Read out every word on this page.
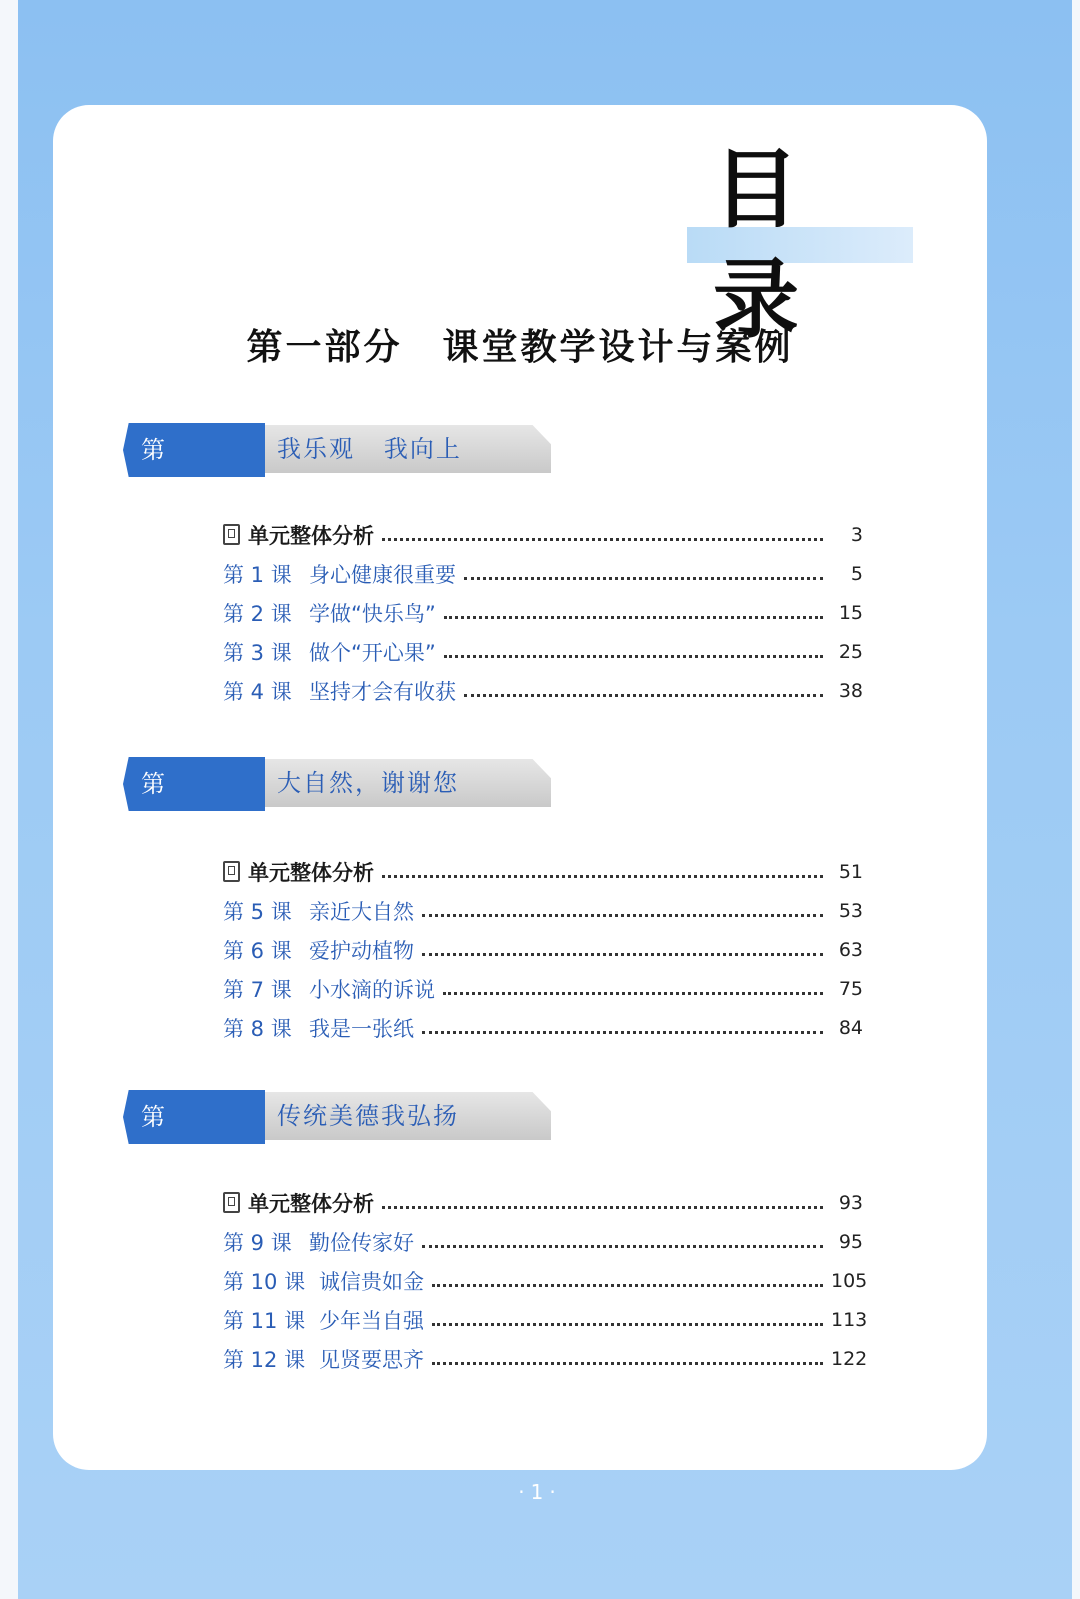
目录
第一部分 课堂教学设计与案例
第一单元
我乐观   我向上
单元整体分析	3
第 1 课 身心健康很重要	5
第 2 课 学做“快乐鸟”	15
第 3 课 做个“开心果”	25
第 4 课 坚持才会有收获	38
第二单元
大自然，谢谢您
单元整体分析	51
第 5 课 亲近大自然	53
第 6 课 爱护动植物	63
第 7 课 小水滴的诉说	75
第 8 课 我是一张纸	84
第三单元
传统美德我弘扬
单元整体分析	93
第 9 课 勤俭传家好	95
第 10 课 诚信贵如金	105
第 11 课 少年当自强	113
第 12 课 见贤要思齐	122
·1·
